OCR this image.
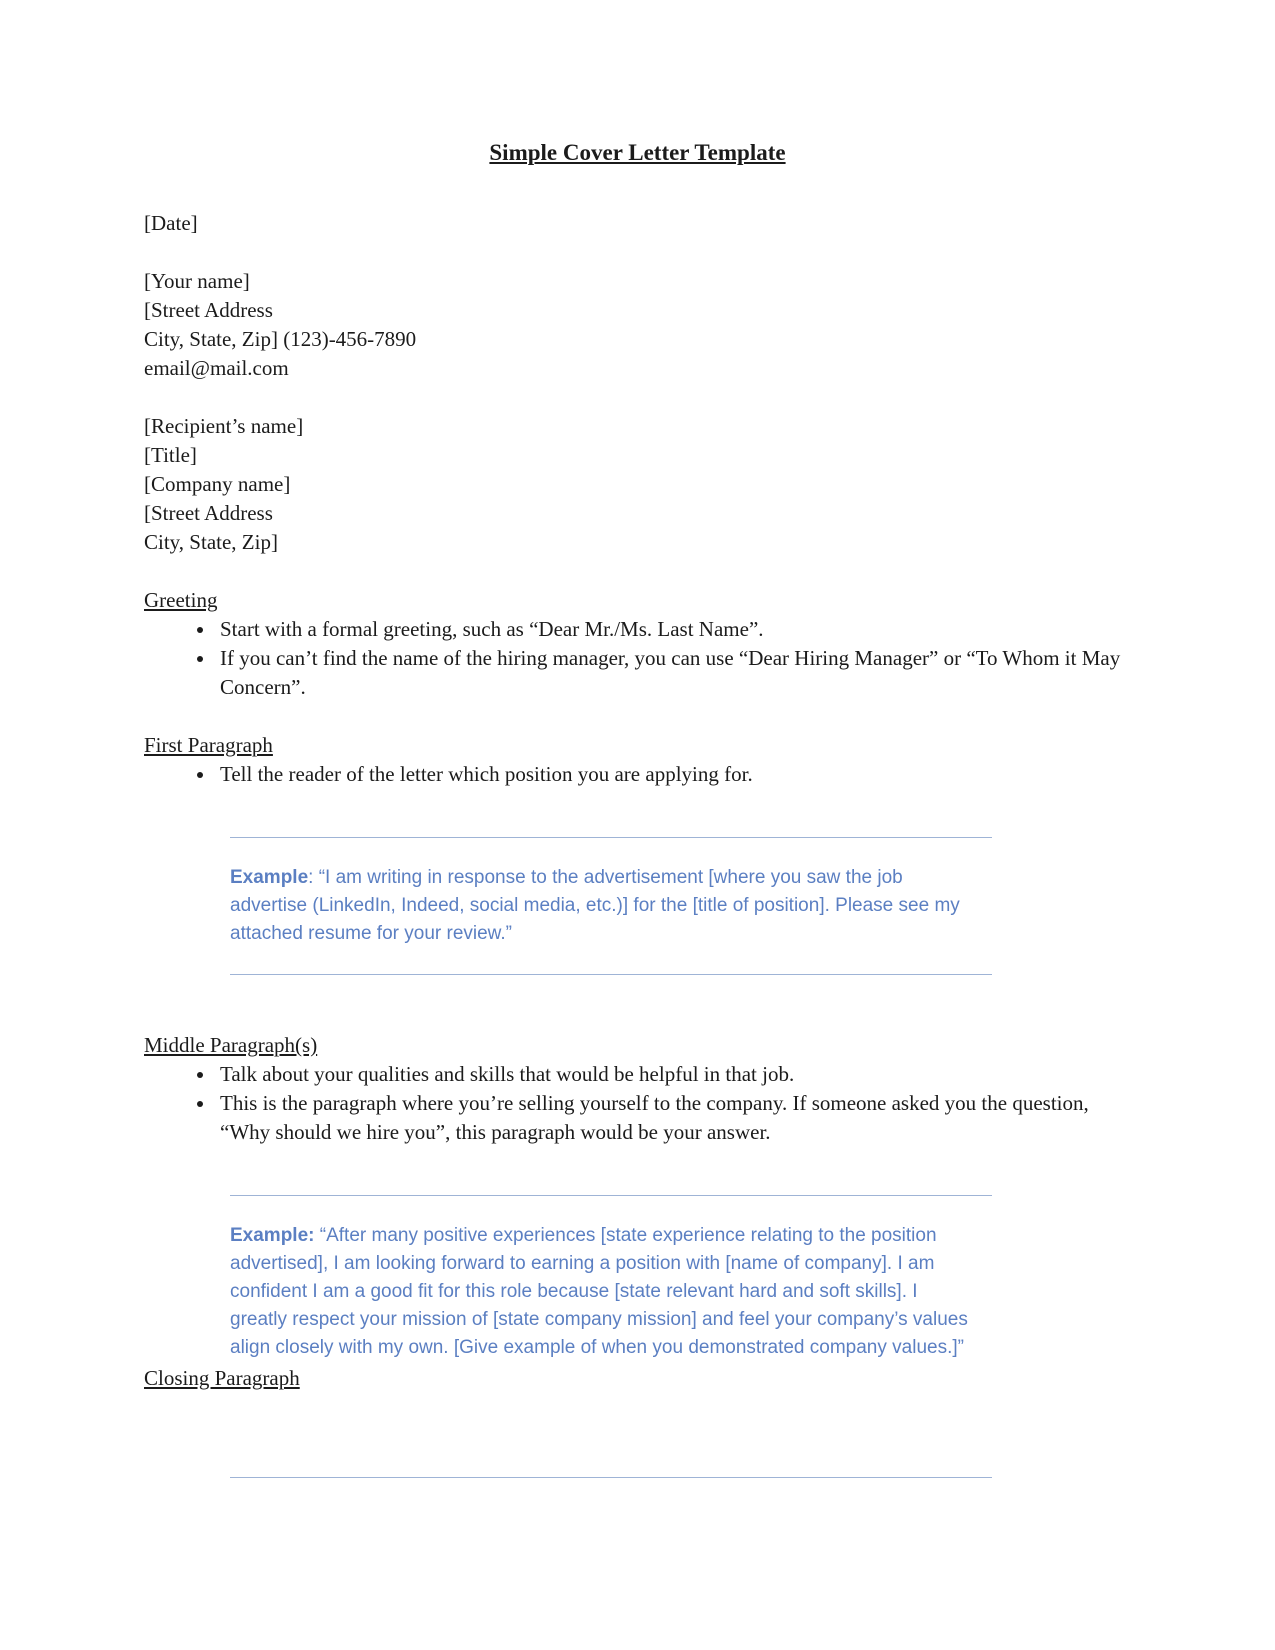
Simple Cover Letter Template

[Date]

[Your name]
[Street Address
City, State, Zip] (123)-456-7890
email@mail.com
[Recipient’s name]
[Title]
[Company name]
[Street Address
City, State, Zip]
Greeting
• Start with a formal greeting, such as “Dear Mr./Ms. Last Name”.
• If you can’t find the name of the hiring manager, you can use “Dear Hiring Manager” or “To Whom it May Concern”.
First Paragraph
• Tell the reader of the letter which position you are applying for.

Example: “I am writing in response to the advertisement [where you saw the job advertise (LinkedIn, Indeed, social media, etc.)] for the [title of position]. Please see my attached resume for your review.”

Middle Paragraph(s)
• Talk about your qualities and skills that would be helpful in that job.
• This is the paragraph where you’re selling yourself to the company. If someone asked you the question, “Why should we hire you”, this paragraph would be your answer.

Example: “After many positive experiences [state experience relating to the position advertised], I am looking forward to earning a position with [name of company]. I am confident I am a good fit for this role because [state relevant hard and soft skills]. I greatly respect your mission of [state company mission] and feel your company’s values align closely with my own. [Give example of when you demonstrated company values.]”

Closing Paragraph
